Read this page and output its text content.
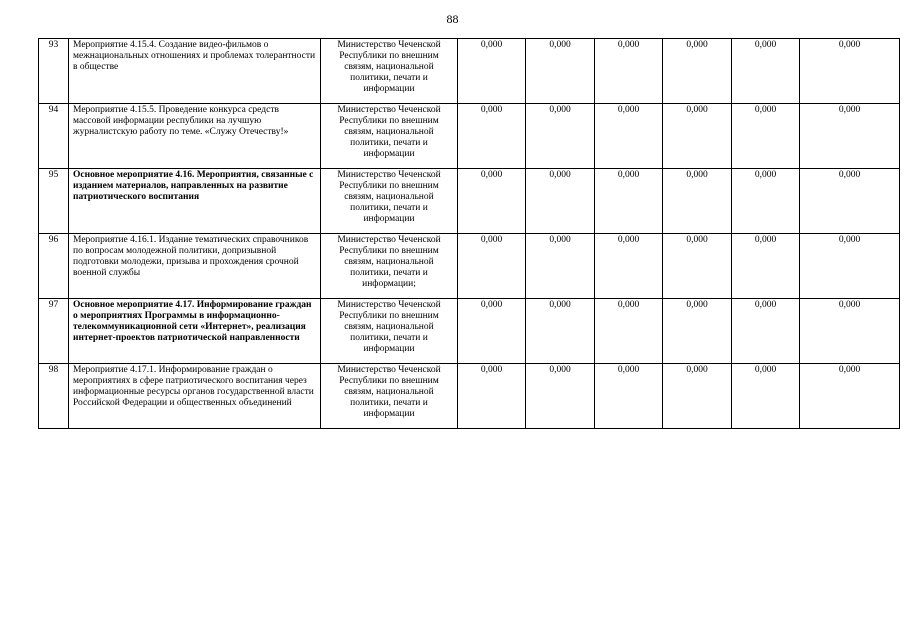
88
93	Мероприятие 4.15.4. Создание видео-фильмов о межнациональных отношениях и проблемах толерантности в обществе	Министерство Чеченской Республики по внешним связям, национальной политики, печати и информации	0,000	0,000	0,000	0,000	0,000	0,000
94	Мероприятие 4.15.5. Проведение конкурса средств массовой информации республики на лучшую журналистскую работу по теме. «Служу Отечеству!»	Министерство Чеченской Республики по внешним связям, национальной политики, печати и информации	0,000	0,000	0,000	0,000	0,000	0,000
95	Основное мероприятие 4.16. Мероприятия, связанные с изданием материалов, направленных на развитие патриотического воспитания	Министерство Чеченской Республики по внешним связям, национальной политики, печати и информации	0,000	0,000	0,000	0,000	0,000	0,000
96	Мероприятие 4.16.1. Издание тематических справочников по вопросам молодежной политики, допризывной подготовки молодежи, призыва и прохождения срочной военной службы	Министерство Чеченской Республики по внешним связям, национальной политики, печати и информации;	0,000	0,000	0,000	0,000	0,000	0,000
97	Основное мероприятие 4.17. Информирование граждан о мероприятиях Программы в информационно-телекоммуникационной сети «Интернет», реализация интернет-проектов патриотической направленности	Министерство Чеченской Республики по внешним связям, национальной политики, печати и информации	0,000	0,000	0,000	0,000	0,000	0,000
98	Мероприятие 4.17.1. Информирование граждан о мероприятиях в сфере патриотического воспитания через информационные ресурсы органов государственной власти Российской Федерации и общественных объединений	Министерство Чеченской Республики по внешним связям, национальной политики, печати и информации	0,000	0,000	0,000	0,000	0,000	0,000
